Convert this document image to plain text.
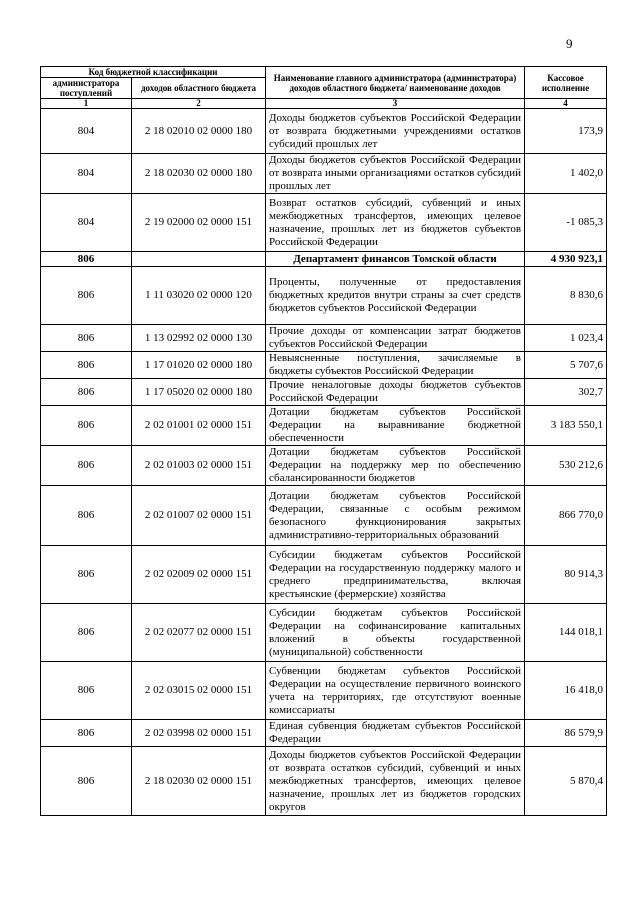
9
Код бюджетной классификации		Наименование главного администратора (администратора) доходов областного бюджета/ наименование доходов	Кассовое исполнение
администратора поступлений	доходов областного бюджета		
1	2	3	4
804	2 18 02010 02 0000 180	Доходы бюджетов субъектов Российской Федерации от возврата бюджетными учреждениями остатков субсидий прошлых лет	173,9
804	2 18 02030 02 0000 180	Доходы бюджетов субъектов Российской Федерации от возврата иными организациями остатков субсидий прошлых лет	1 402,0
804	2 19 02000 02 0000 151	Возврат остатков субсидий, субвенций и иных межбюджетных трансфертов, имеющих целевое назначение, прошлых лет из бюджетов субъектов Российской Федерации	-1 085,3
806		Департамент финансов Томской области	4 930 923,1
806	1 11 03020 02 0000 120	Проценты, полученные от предоставления бюджетных кредитов внутри страны за счет средств бюджетов субъектов Российской Федерации	8 830,6
806	1 13 02992 02 0000 130	Прочие доходы от компенсации затрат бюджетов субъектов Российской Федерации	1 023,4
806	1 17 01020 02 0000 180	Невыясненные поступления, зачисляемые в бюджеты субъектов Российской Федерации	5 707,6
806	1 17 05020 02 0000 180	Прочие неналоговые доходы бюджетов субъектов Российской Федерации	302,7
806	2 02 01001 02 0000 151	Дотации бюджетам субъектов Российской Федерации на выравнивание бюджетной обеспеченности	3 183 550,1
806	2 02 01003 02 0000 151	Дотации бюджетам субъектов Российской Федерации на поддержку мер по обеспечению сбалансированности бюджетов	530 212,6
806	2 02 01007 02 0000 151	Дотации бюджетам субъектов Российской Федерации, связанные с особым режимом безопасного функционирования закрытых административно-территориальных образований	866 770,0
806	2 02 02009 02 0000 151	Субсидии бюджетам субъектов Российской Федерации на государственную поддержку малого и среднего предпринимательства, включая крестьянские (фермерские) хозяйства	80 914,3
806	2 02 02077 02 0000 151	Субсидии бюджетам субъектов Российской Федерации на софинансирование капитальных вложений в объекты государственной (муниципальной) собственности	144 018,1
806	2 02 03015 02 0000 151	Субвенции бюджетам субъектов Российской Федерации на осуществление первичного воинского учета на территориях, где отсутствуют военные комиссариаты	16 418,0
806	2 02 03998 02 0000 151	Единая субвенция бюджетам субъектов Российской Федерации	86 579,9
806	2 18 02030 02 0000 151	Доходы бюджетов субъектов Российской Федерации от возврата остатков субсидий, субвенций и иных межбюджетных трансфертов, имеющих целевое назначение, прошлых лет из бюджетов городских округов	5 870,4
